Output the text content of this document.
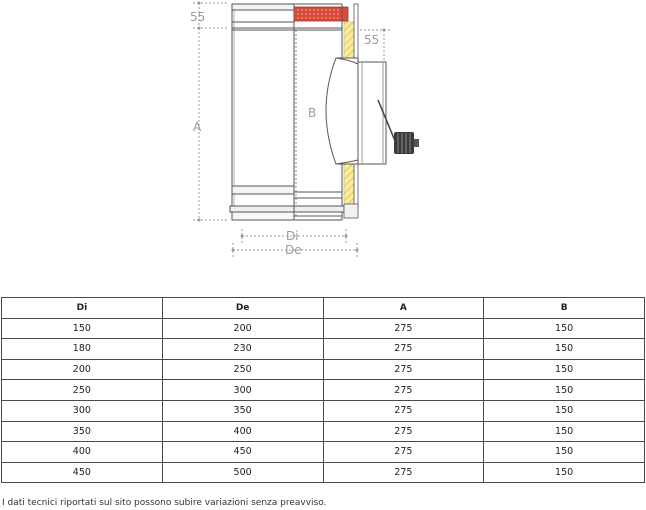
55
55
A
B
Di
De
Di	De	A	B
150	200	275	150
180	230	275	150
200	250	275	150
250	300	275	150
300	350	275	150
350	400	275	150
400	450	275	150
450	500	275	150
I dati tecnici riportati sul sito possono subire variazioni senza preavviso.
